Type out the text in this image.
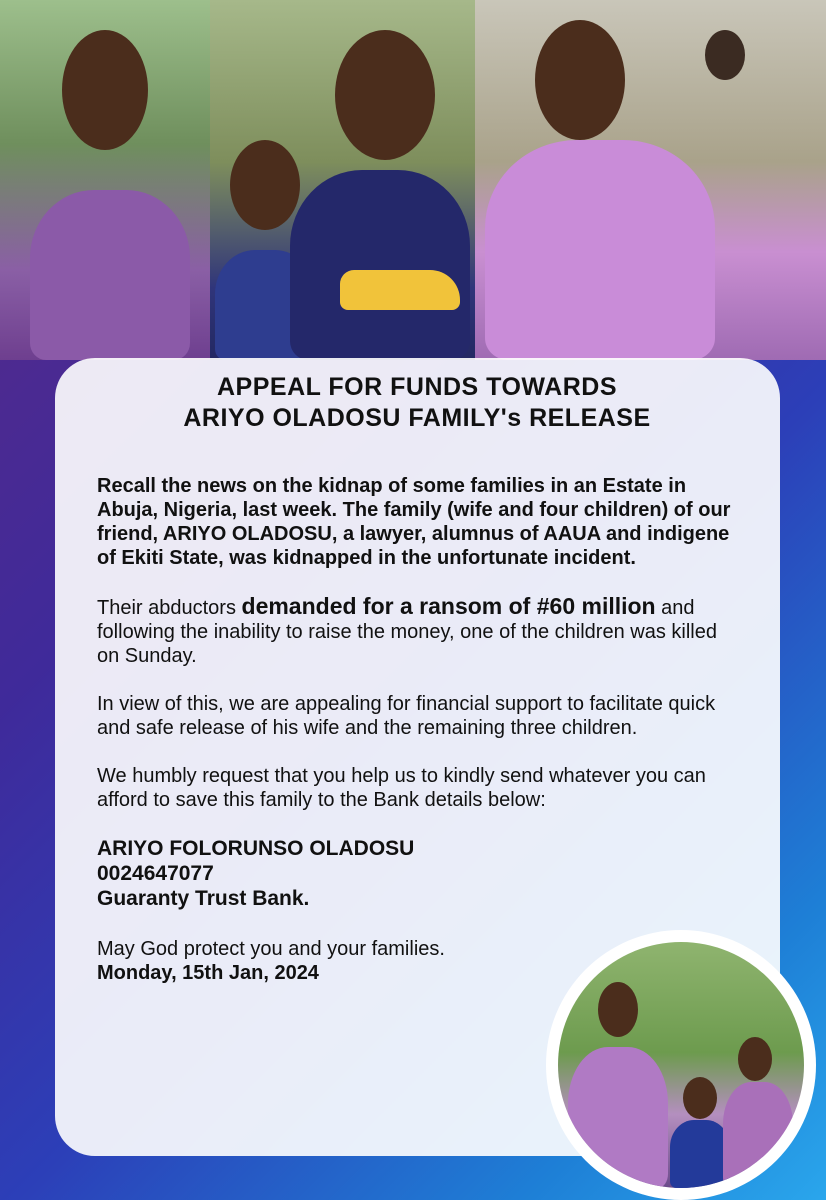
APPEAL FOR FUNDS TOWARDS
ARIYO OLADOSU FAMILY's RELEASE

Recall the news on the kidnap of some families in an Estate in Abuja, Nigeria, last week. The family (wife and four children) of our friend, ARIYO OLADOSU, a lawyer, alumnus of AAUA and indigene of Ekiti State, was kidnapped in the unfortunate incident.

Their abductors demanded for a ransom of #60 million and following the inability to raise the money, one of the children was killed on Sunday.

In view of this, we are appealing for financial support to facilitate quick and safe release of his wife and the remaining three children.

We humbly request that you help us to kindly send whatever you can afford to save this family to the Bank details below:

ARIYO FOLORUNSO OLADOSU
0024647077
Guaranty Trust Bank.
May God protect you and your families.
Monday, 15th Jan, 2024
